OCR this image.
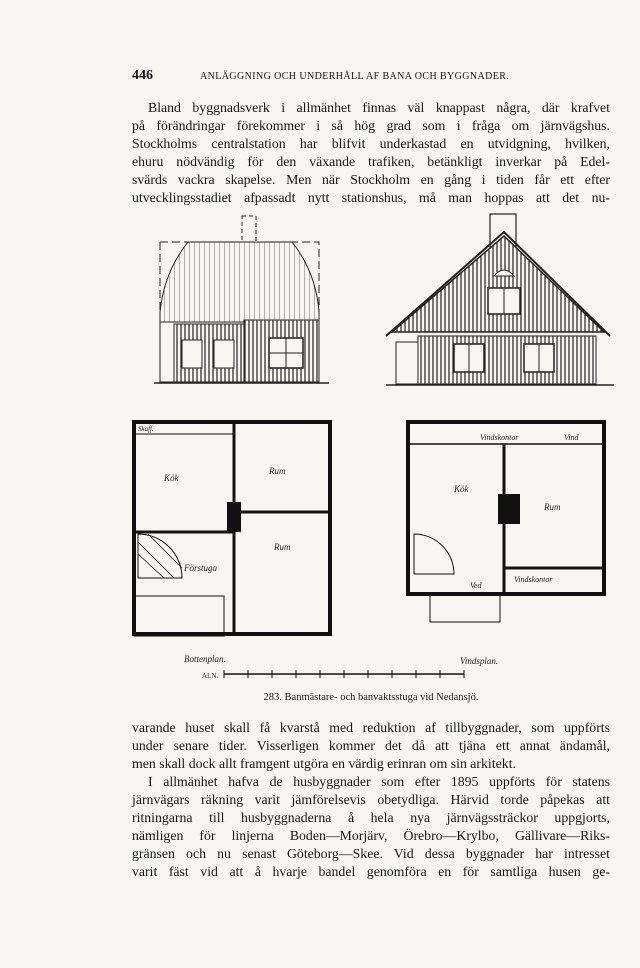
446	ANLÄGGNING OCH UNDERHÅLL AF BANA OCH BYGGNADER.
Bland byggnadsverk i allmänhet finnas väl knappast några, där krafvet
på förändringar förekommer i så hög grad som i fråga om järnvägshus.
Stockholms centralstation har blifvit underkastad en utvidgning, hvilken,
ehuru nödvändig för den växande trafiken, betänkligt inverkar på Edel-
svärds vackra skapelse. Men när Stockholm en gång i tiden får ett efter
utvecklingsstadiet afpassadt nytt stationshus, må man hoppas att det nu-
Kök
Rum
Rum
Förstuga
Skaff.
Bottenplan.
Kök
Rum
Vindskontor
Vindskontor
Vind
Ved
Vindsplan.
ALN.
283. Banmästare- och banvaktsstuga vid Nedansjö.
varande huset skall få kvarstå med reduktion af tillbyggnader, som uppförts
under senare tider. Visserligen kommer det då att tjäna ett annat ändamål,
men skall dock allt framgent utgöra en värdig erinran om sin arkitekt.
I allmänhet hafva de husbyggnader som efter 1895 uppförts för statens
järnvägars räkning varit jämförelsevis obetydliga. Härvid torde påpekas att
ritningarna till husbyggnaderna å hela nya järnvägssträckor uppgjorts,
nämligen för linjerna Boden—Morjärv, Örebro—Krylbo, Gällivare—Riks-
gränsen och nu senast Göteborg—Skee. Vid dessa byggnader har intresset
varit fäst vid att å hvarje bandel genomföra en för samtliga husen ge-
